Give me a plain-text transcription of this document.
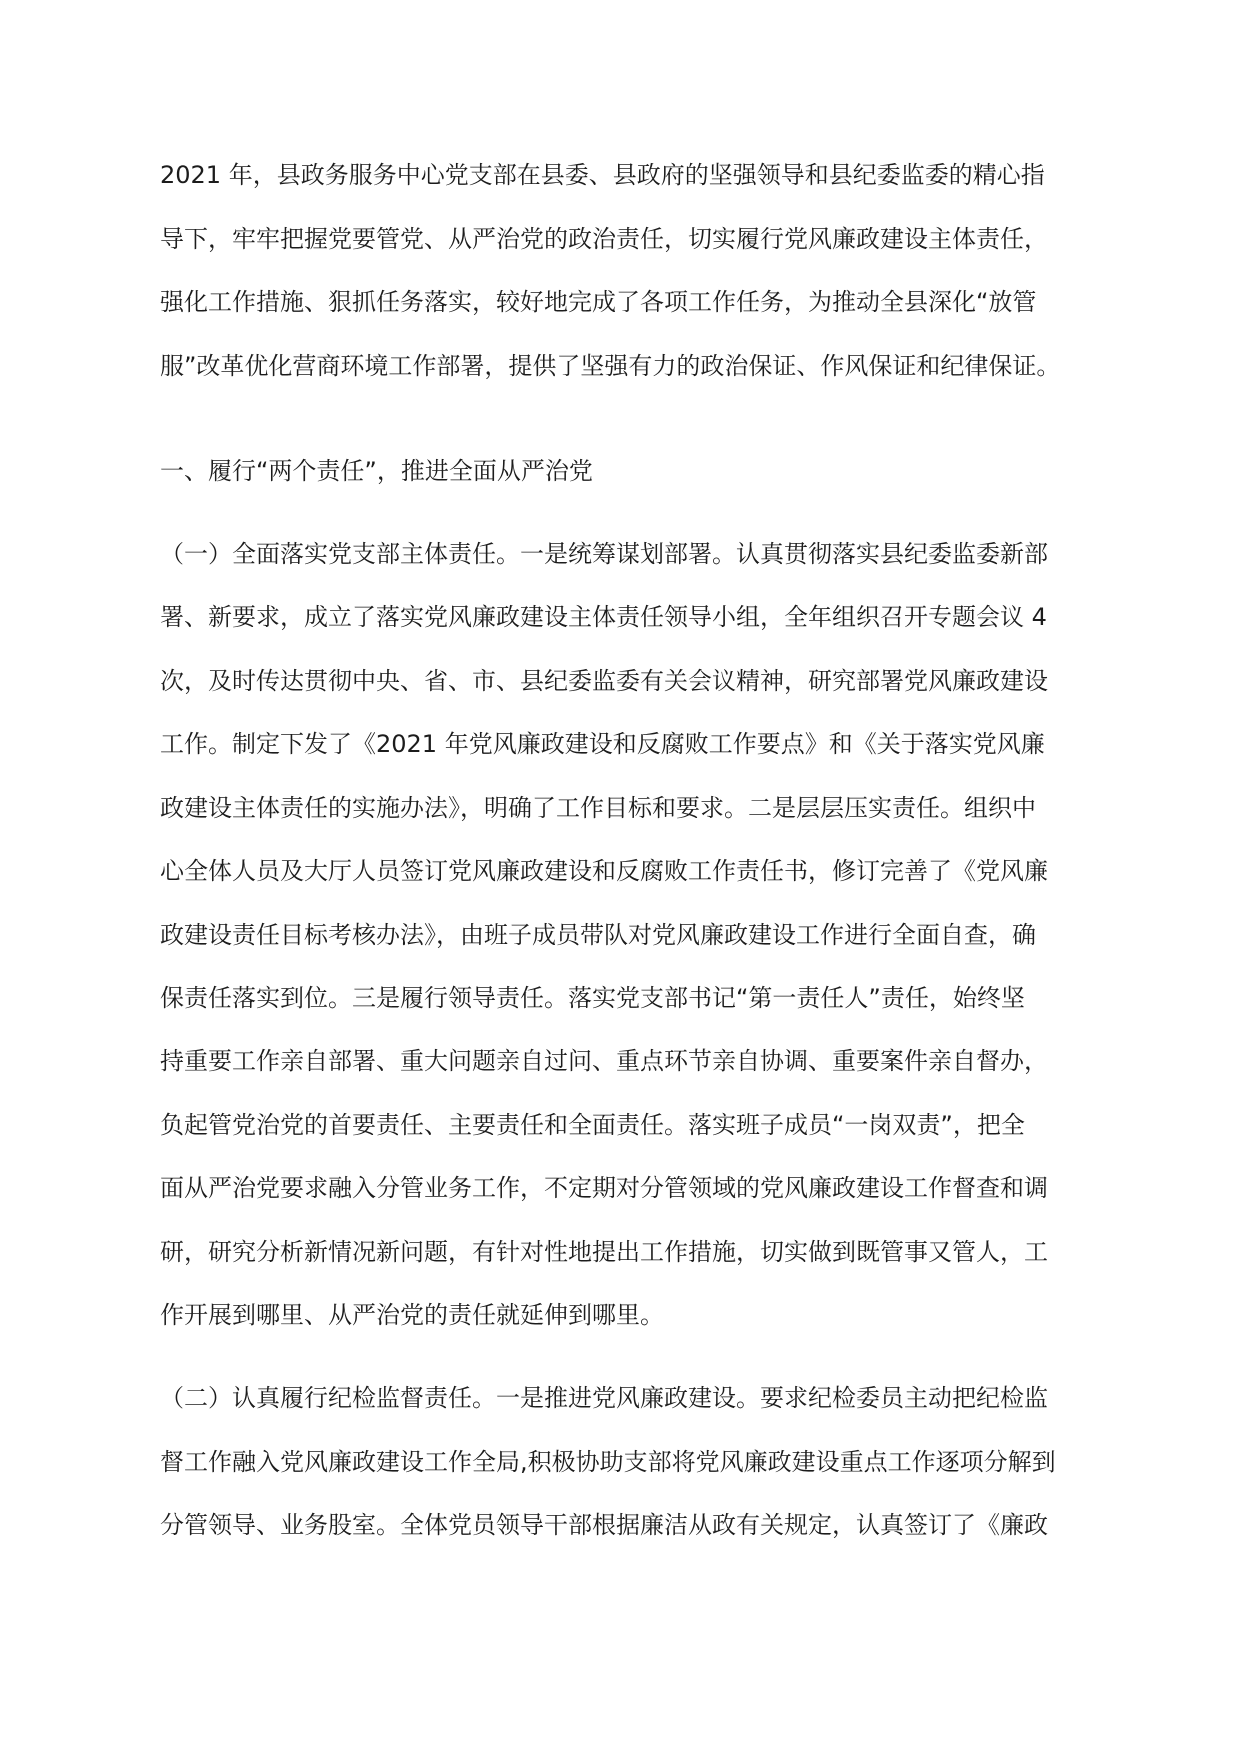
2021 年，县政务服务中心党支部在县委、县政府的坚强领导和县纪委监委的精心指
导下，牢牢把握党要管党、从严治党的政治责任，切实履行党风廉政建设主体责任，
强化工作措施、狠抓任务落实，较好地完成了各项工作任务，为推动全县深化“放管
服”改革优化营商环境工作部署，提供了坚强有力的政治保证、作风保证和纪律保证。
一、履行“两个责任”，推进全面从严治党
（一）全面落实党支部主体责任。一是统筹谋划部署。认真贯彻落实县纪委监委新部
署、新要求，成立了落实党风廉政建设主体责任领导小组，全年组织召开专题会议 4
次，及时传达贯彻中央、省、市、县纪委监委有关会议精神，研究部署党风廉政建设
工作。制定下发了《2021 年党风廉政建设和反腐败工作要点》和《关于落实党风廉
政建设主体责任的实施办法》，明确了工作目标和要求。二是层层压实责任。组织中
心全体人员及大厅人员签订党风廉政建设和反腐败工作责任书，修订完善了《党风廉
政建设责任目标考核办法》，由班子成员带队对党风廉政建设工作进行全面自查，确
保责任落实到位。三是履行领导责任。落实党支部书记“第一责任人”责任，始终坚
持重要工作亲自部署、重大问题亲自过问、重点环节亲自协调、重要案件亲自督办，
负起管党治党的首要责任、主要责任和全面责任。落实班子成员“一岗双责”，把全
面从严治党要求融入分管业务工作，不定期对分管领域的党风廉政建设工作督查和调
研，研究分析新情况新问题，有针对性地提出工作措施，切实做到既管事又管人，工
作开展到哪里、从严治党的责任就延伸到哪里。
（二）认真履行纪检监督责任。一是推进党风廉政建设。要求纪检委员主动把纪检监
督工作融入党风廉政建设工作全局,积极协助支部将党风廉政建设重点工作逐项分解到
分管领导、业务股室。全体党员领导干部根据廉洁从政有关规定，认真签订了《廉政
